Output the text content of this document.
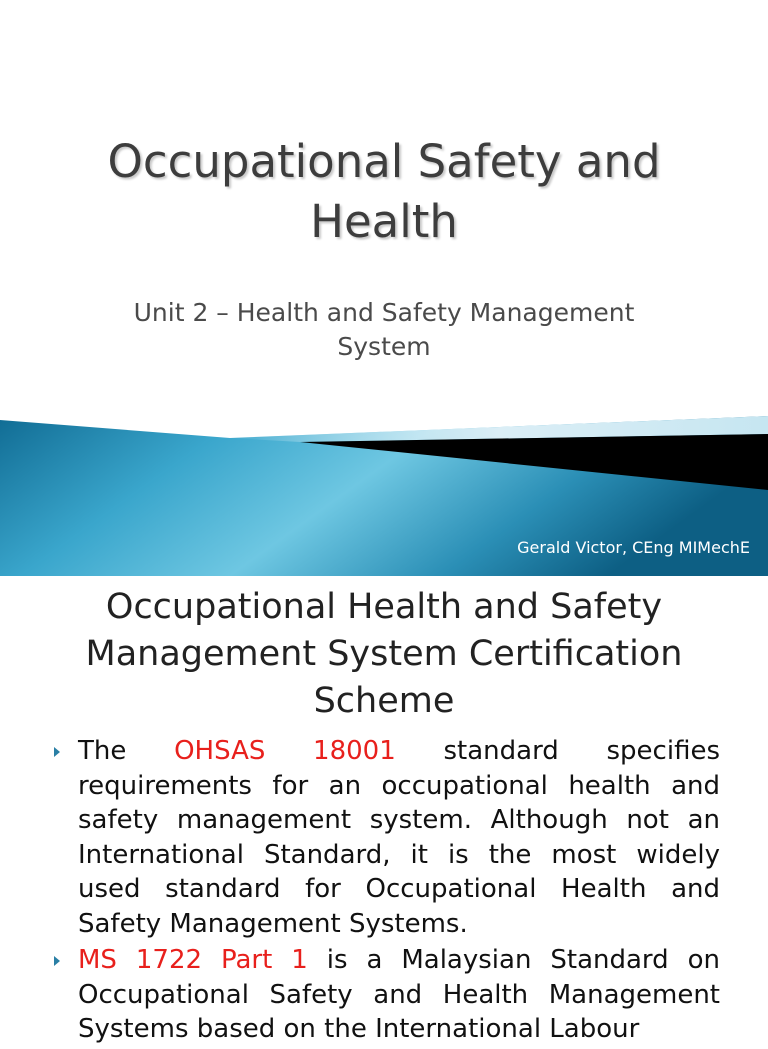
Occupational Safety and
Health
Unit 2 – Health and Safety Management
System
Gerald Victor, CEng MIMechE
Occupational Health and Safety
Management System Certification
Scheme
The OHSAS 18001 standard specifies requirements for an occupational health and safety management system. Although not an International Standard, it is the most widely used standard for Occupational Health and Safety Management Systems.
MS 1722 Part 1 is a Malaysian Standard on Occupational Safety and Health Management Systems based on the International Labour
